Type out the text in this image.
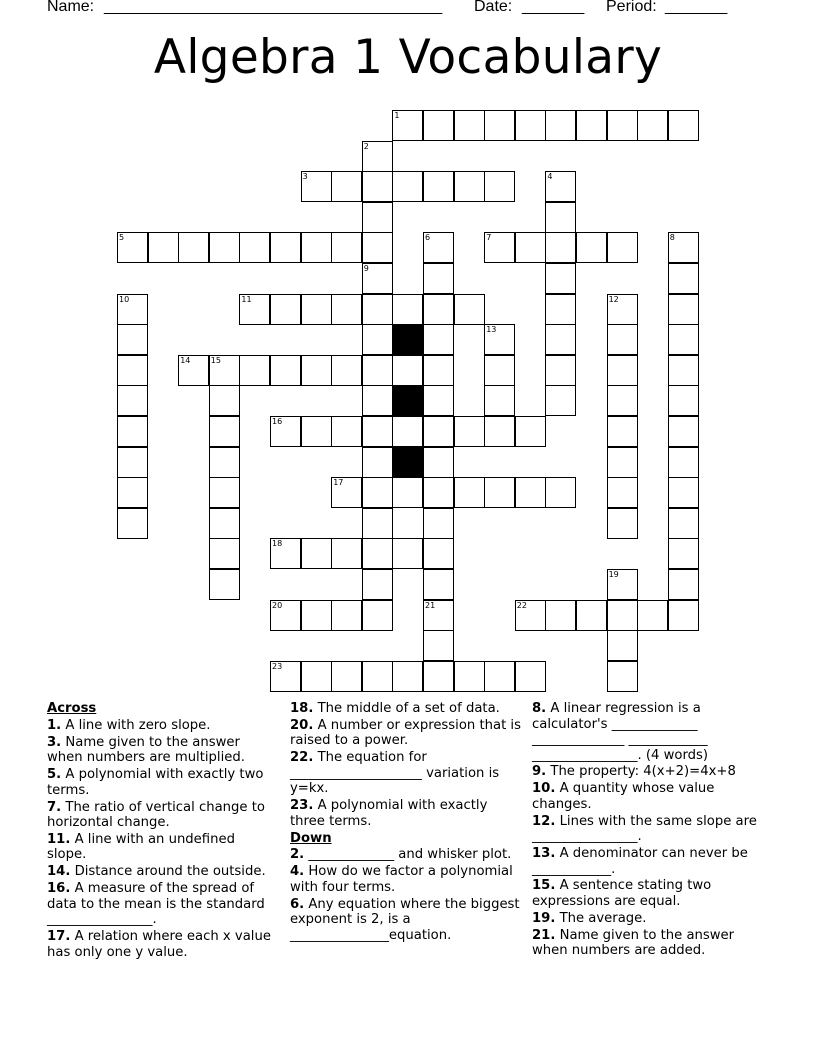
Name: ______________________________________ Date: _______ Period: _______
Algebra 1 Vocabulary
1
3
5	7
11
14
16
17
18
20	22
23
2
4
6	8
9
10	12
13
15
19
21
Across
1. A line with zero slope.
3. Name given to the answer when numbers are multiplied.
5. A polynomial with exactly two terms.
7. The ratio of vertical change to horizontal change.
11. A line with an undefined slope.
14. Distance around the outside.
16. A measure of the spread of data to the mean is the standard ________________.
17. A relation where each x value has only one y value.
18. The middle of a set of data.
20. A number or expression that is raised to a power.
22. The equation for ____________________ variation is y=kx.
23. A polynomial with exactly three terms.
Down
2. _____________ and whisker plot.
4. How do we factor a polynomial with four terms.
6. Any equation where the biggest exponent is 2, is a _______________equation.
8. A linear regression is a calculator's _____________ ______________ ____________ ________________. (4 words)
9. The property: 4(x+2)=4x+8
10. A quantity whose value changes.
12. Lines with the same slope are ________________.
13. A denominator can never be ____________.
15. A sentence stating two expressions are equal.
19. The average.
21. Name given to the answer when numbers are added.
